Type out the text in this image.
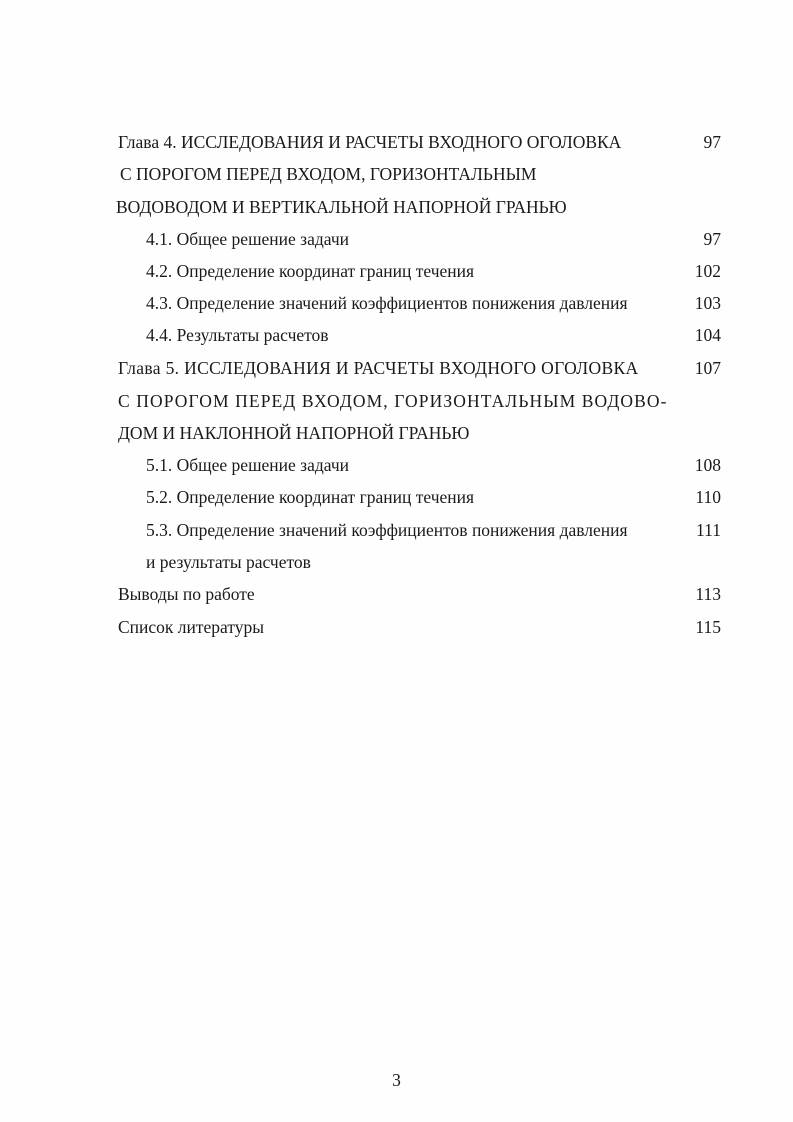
Глава 4. ИССЛЕДОВАНИЯ И РАСЧЕТЫ ВХОДНОГО ОГОЛОВКА	97
С ПОРОГОМ ПЕРЕД ВХОДОМ, ГОРИЗОНТАЛЬНЫМ
ВОДОВОДОМ И ВЕРТИКАЛЬНОЙ НАПОРНОЙ ГРАНЬЮ
4.1. Общее решение задачи	97
4.2. Определение координат границ течения	102
4.3. Определение значений коэффициентов понижения давления	103
4.4. Результаты расчетов	104
Глава 5. ИССЛЕДОВАНИЯ И РАСЧЕТЫ ВХОДНОГО ОГОЛОВКА	107
С ПОРОГОМ ПЕРЕД ВХОДОМ, ГОРИЗОНТАЛЬНЫМ ВОДОВО-
ДОМ И НАКЛОННОЙ НАПОРНОЙ ГРАНЬЮ
5.1. Общее решение задачи	108
5.2. Определение координат границ течения	110
5.3. Определение значений коэффициентов понижения давления	111
и результаты расчетов
Выводы по работе	113
Список литературы	115
3
